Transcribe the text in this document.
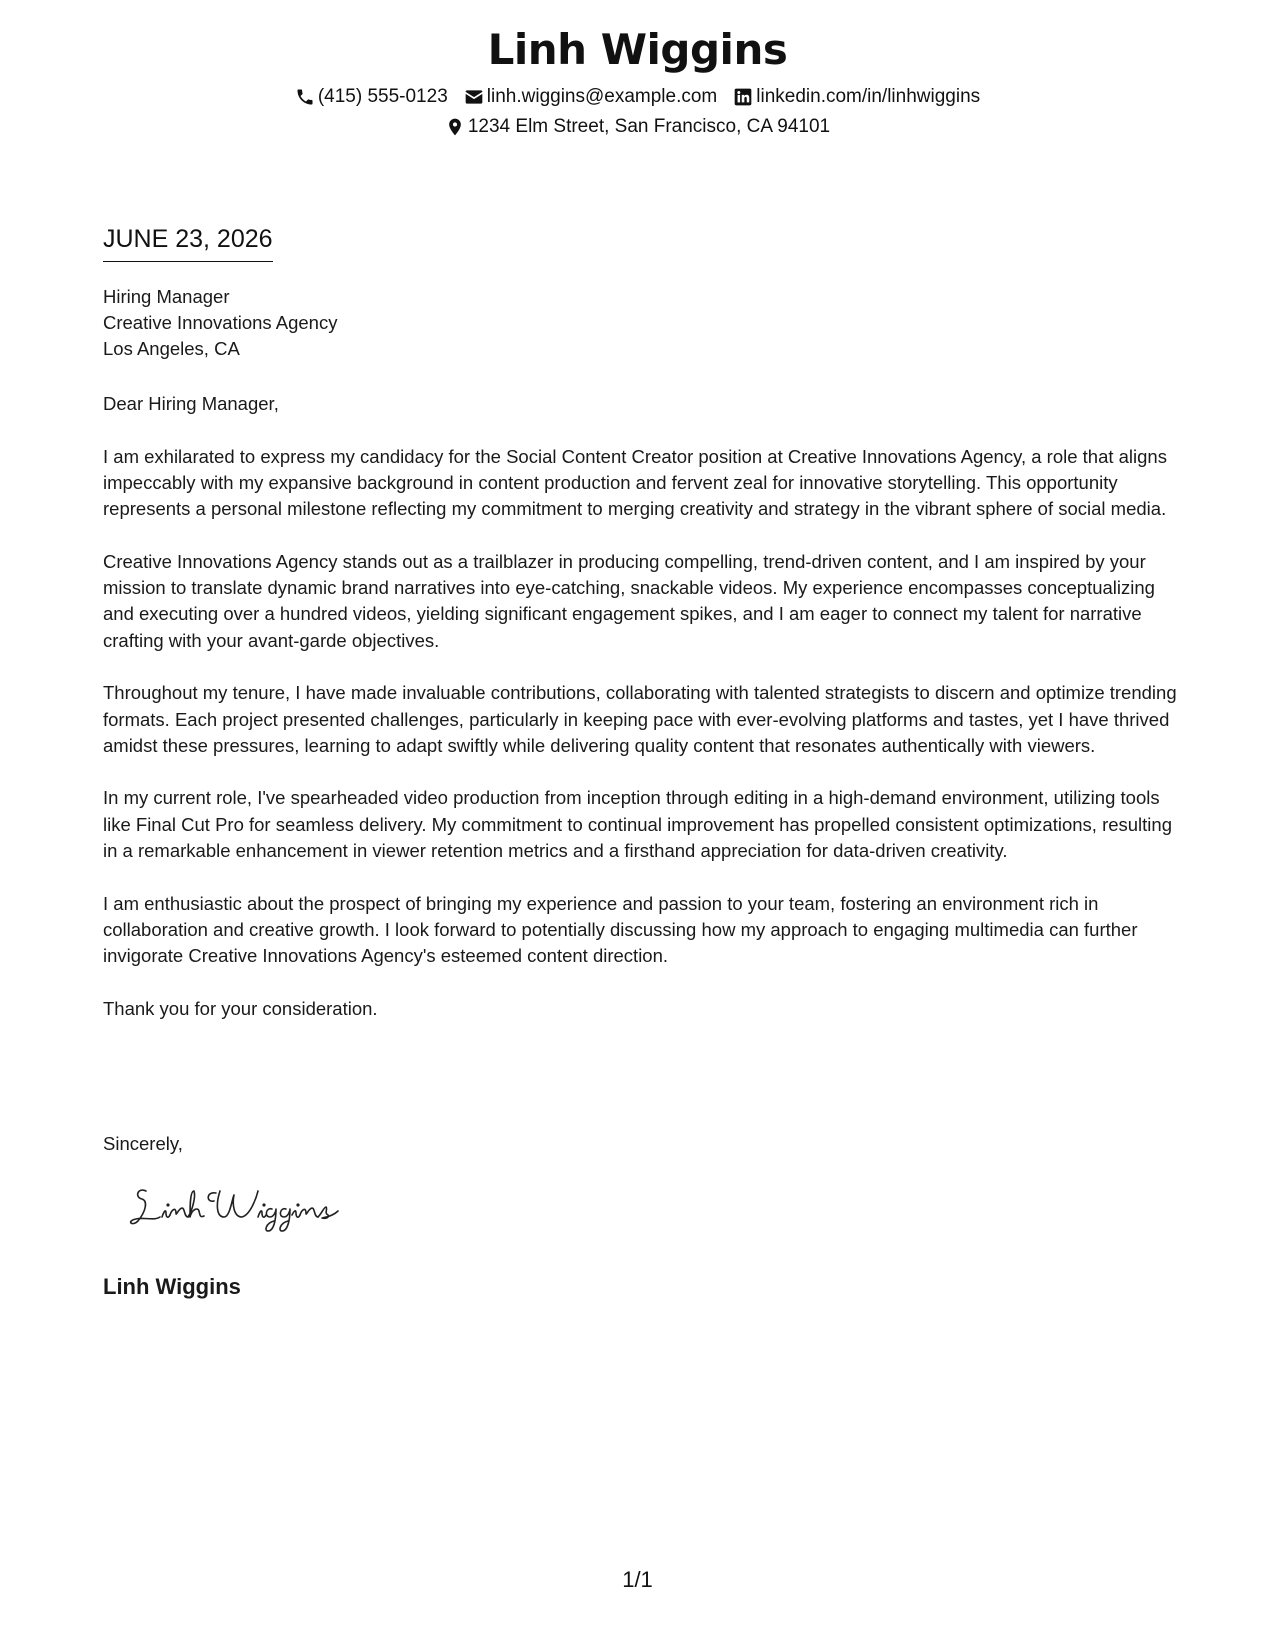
Linh Wiggins
(415) 555-0123 linh.wiggins@example.com linkedin.com/in/linhwiggins
1234 Elm Street, San Francisco, CA 94101
JUNE 23, 2026
Hiring Manager
Creative Innovations Agency
Los Angeles, CA
Dear Hiring Manager,

I am exhilarated to express my candidacy for the Social Content Creator position at Creative Innovations Agency, a role that aligns impeccably with my expansive background in content production and fervent zeal for innovative storytelling. This opportunity represents a personal milestone reflecting my commitment to merging creativity and strategy in the vibrant sphere of social media.

Creative Innovations Agency stands out as a trailblazer in producing compelling, trend-driven content, and I am inspired by your mission to translate dynamic brand narratives into eye-catching, snackable videos. My experience encompasses conceptualizing and executing over a hundred videos, yielding significant engagement spikes, and I am eager to connect my talent for narrative crafting with your avant-garde objectives.

Throughout my tenure, I have made invaluable contributions, collaborating with talented strategists to discern and optimize trending formats. Each project presented challenges, particularly in keeping pace with ever-evolving platforms and tastes, yet I have thrived amidst these pressures, learning to adapt swiftly while delivering quality content that resonates authentically with viewers.

In my current role, I've spearheaded video production from inception through editing in a high-demand environment, utilizing tools like Final Cut Pro for seamless delivery. My commitment to continual improvement has propelled consistent optimizations, resulting in a remarkable enhancement in viewer retention metrics and a firsthand appreciation for data-driven creativity.

I am enthusiastic about the prospect of bringing my experience and passion to your team, fostering an environment rich in collaboration and creative growth. I look forward to potentially discussing how my approach to engaging multimedia can further invigorate Creative Innovations Agency's esteemed content direction.

Thank you for your consideration.

Sincerely,
Linh Wiggins
1/1
